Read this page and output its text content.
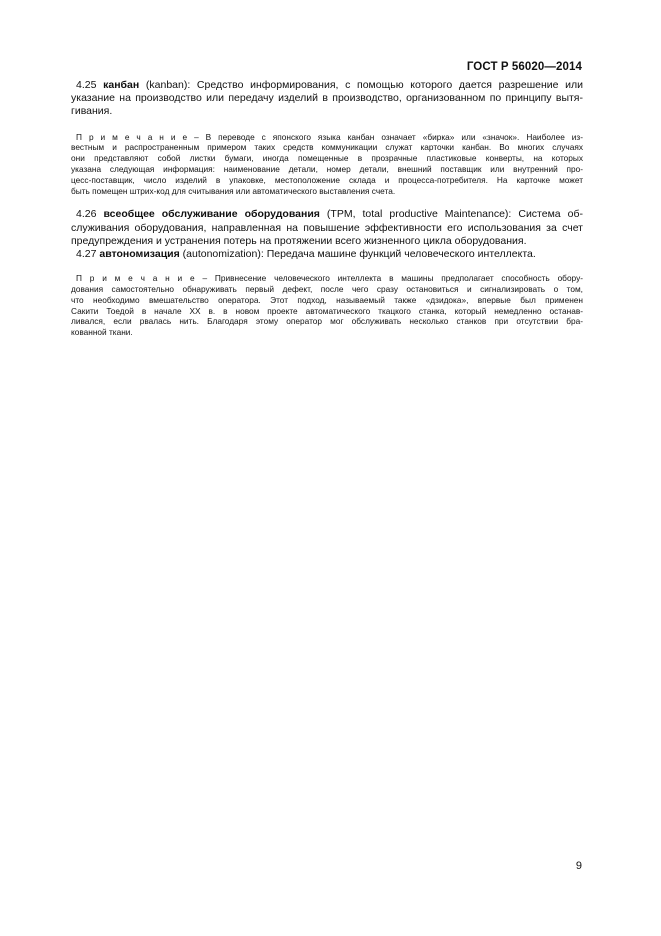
ГОСТ Р 56020—2014
4.25 канбан (kanban): Средство информирования, с помощью которого дается разрешение или
указание на производство или передачу изделий в производство, организованном по принципу вытя-
гивания.
П р и м е ч а н и е – В переводе с японского языка канбан означает «бирка» или «значок». Наиболее из-
вестным и распространенным примером таких средств коммуникации служат карточки канбан. Во многих случаях
они представляют собой листки бумаги, иногда помещенные в прозрачные пластиковые конверты, на которых
указана следующая информация: наименование детали, номер детали, внешний поставщик или внутренний про-
цесс-поставщик, число изделий в упаковке, местоположение склада и процесса-потребителя. На карточке может
быть помещен штрих-код для считывания или автоматического выставления счета.
4.26 всеобщее обслуживание оборудования (TPM, total productive Maintenance): Система об-
служивания оборудования, направленная на повышение эффективности его использования за счет
предупреждения и устранения потерь на протяжении всего жизненного цикла оборудования.
4.27 автономизация (autonomization): Передача машине функций человеческого интеллекта.
П р и м е ч а н и е – Привнесение человеческого интеллекта в машины предполагает способность обору-
дования самостоятельно обнаруживать первый дефект, после чего сразу остановиться и сигнализировать о том,
что необходимо вмешательство оператора. Этот подход, называемый также «дзидока», впервые был применен
Сакити Тоедой в начале XX в. в новом проекте автоматического ткацкого станка, который немедленно останав-
ливался, если рвалась нить. Благодаря этому оператор мог обслуживать несколько станков при отсутствии бра-
кованной ткани.
9
